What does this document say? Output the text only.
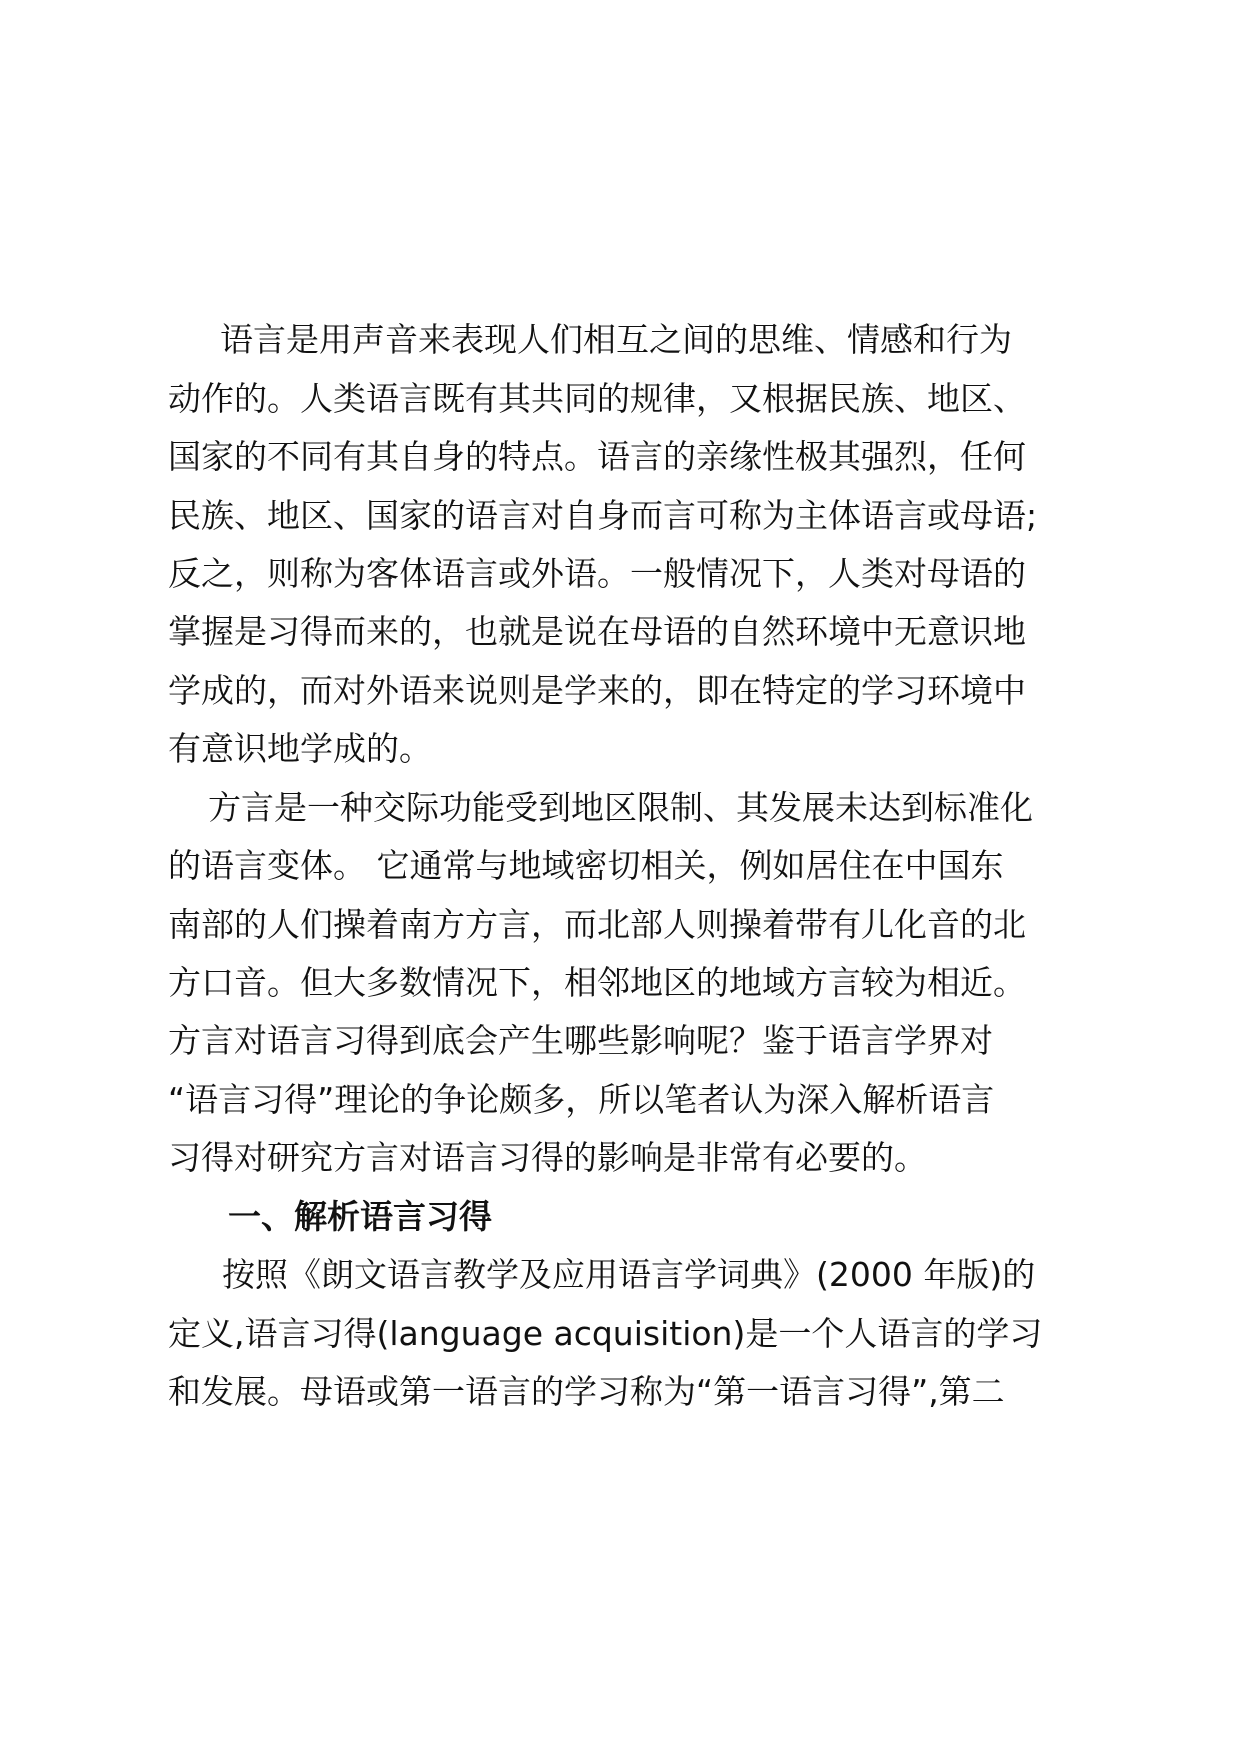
语言是用声音来表现人们相互之间的思维、情感和行为
动作的。人类语言既有其共同的规律，又根据民族、地区、
国家的不同有其自身的特点。语言的亲缘性极其强烈，任何
民族、地区、国家的语言对自身而言可称为主体语言或母语;
反之，则称为客体语言或外语。一般情况下，人类对母语的
掌握是习得而来的，也就是说在母语的自然环境中无意识地
学成的，而对外语来说则是学来的，即在特定的学习环境中
有意识地学成的。
方言是一种交际功能受到地区限制、其发展未达到标准化
的语言变体。 它通常与地域密切相关，例如居住在中国东
南部的人们操着南方方言，而北部人则操着带有儿化音的北
方口音。但大多数情况下，相邻地区的地域方言较为相近。
方言对语言习得到底会产生哪些影响呢？鉴于语言学界对
“语言习得”理论的争论颇多，所以笔者认为深入解析语言
习得对研究方言对语言习得的影响是非常有必要的。
一、解析语言习得
按照《朗文语言教学及应用语言学词典》(2000 年版)的
定义,语言习得(language acquisition)是一个人语言的学习
和发展。母语或第一语言的学习称为“第一语言习得”,第二
